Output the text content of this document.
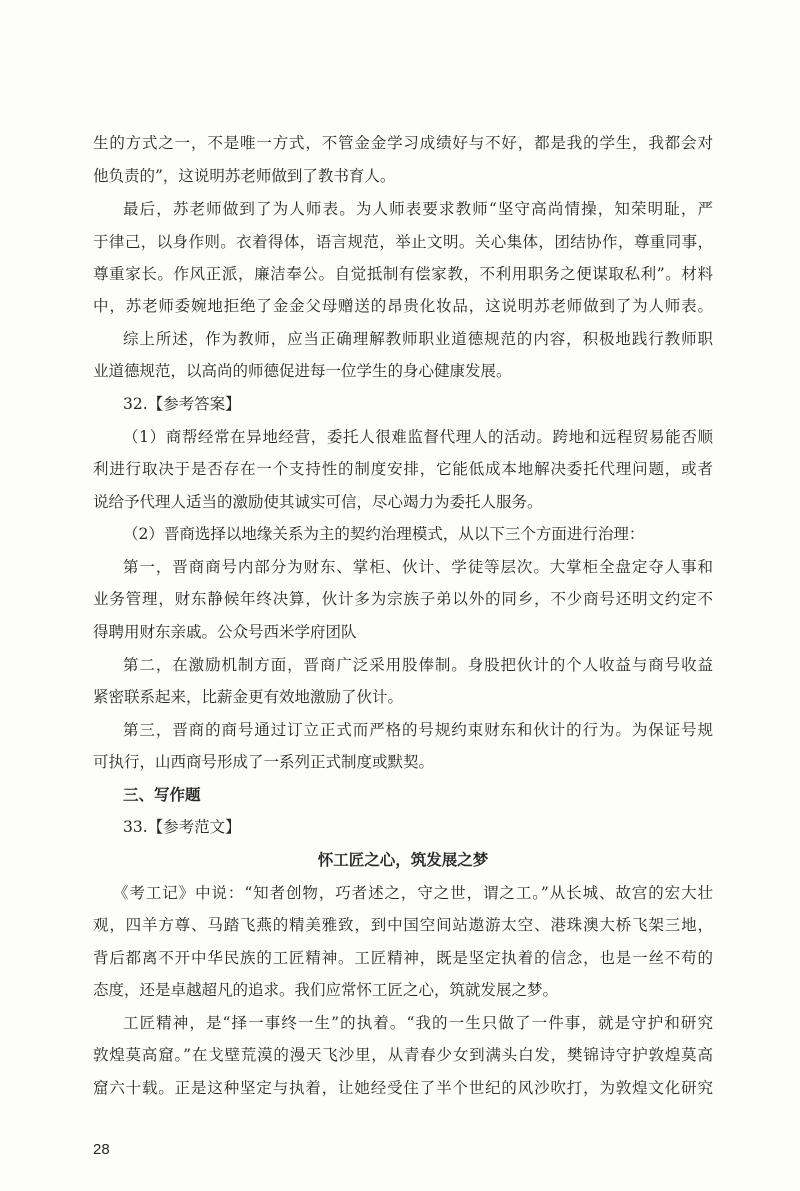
生的方式之一，不是唯一方式，不管金金学习成绩好与不好，都是我的学生，我都会对
他负责的”，这说明苏老师做到了教书育人。
最后，苏老师做到了为人师表。为人师表要求教师“坚守高尚情操，知荣明耻，严
于律己，以身作则。衣着得体，语言规范，举止文明。关心集体，团结协作，尊重同事，
尊重家长。作风正派，廉洁奉公。自觉抵制有偿家教，不利用职务之便谋取私利”。材料
中，苏老师委婉地拒绝了金金父母赠送的昂贵化妆品，这说明苏老师做到了为人师表。
综上所述，作为教师，应当正确理解教师职业道德规范的内容，积极地践行教师职
业道德规范，以高尚的师德促进每一位学生的身心健康发展。
32.【参考答案】
（1）商帮经常在异地经营，委托人很难监督代理人的活动。跨地和远程贸易能否顺
利进行取决于是否存在一个支持性的制度安排，它能低成本地解决委托代理问题，或者
说给予代理人适当的激励使其诚实可信，尽心竭力为委托人服务。
（2）晋商选择以地缘关系为主的契约治理模式，从以下三个方面进行治理：
第一，晋商商号内部分为财东、掌柜、伙计、学徒等层次。大掌柜全盘定夺人事和
业务管理，财东静候年终决算，伙计多为宗族子弟以外的同乡，不少商号还明文约定不
得聘用财东亲戚。公众号西米学府团队
第二，在激励机制方面，晋商广泛采用股俸制。身股把伙计的个人收益与商号收益
紧密联系起来，比薪金更有效地激励了伙计。
第三，晋商的商号通过订立正式而严格的号规约束财东和伙计的行为。为保证号规
可执行，山西商号形成了一系列正式制度或默契。
三、写作题
33.【参考范文】
怀工匠之心，筑发展之梦
《考工记》中说：“知者创物，巧者述之，守之世，谓之工。”从长城、故宫的宏大壮
观，四羊方尊、马踏飞燕的精美雅致，到中国空间站遨游太空、港珠澳大桥飞架三地，
背后都离不开中华民族的工匠精神。工匠精神，既是坚定执着的信念，也是一丝不苟的
态度，还是卓越超凡的追求。我们应常怀工匠之心，筑就发展之梦。
工匠精神，是“择一事终一生”的执着。“我的一生只做了一件事，就是守护和研究
敦煌莫高窟。”在戈壁荒漠的漫天飞沙里，从青春少女到满头白发，樊锦诗守护敦煌莫高
窟六十载。正是这种坚定与执着，让她经受住了半个世纪的风沙吹打，为敦煌文化研究
28
